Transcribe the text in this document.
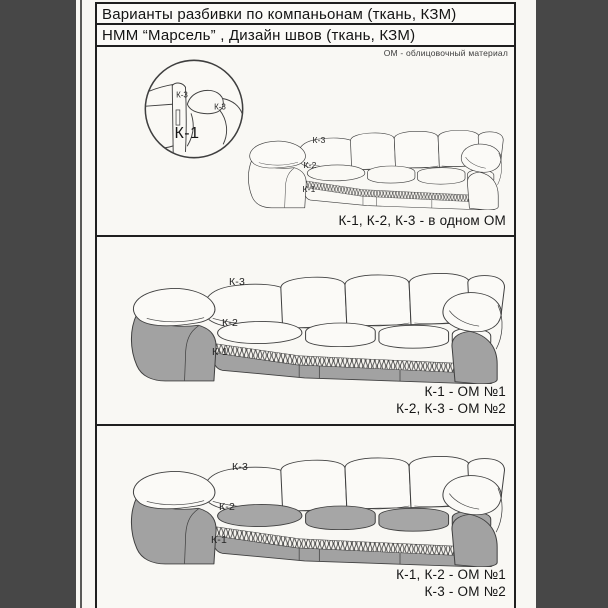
Варианты разбивки по компаньонам (ткань, КЗМ)
НММ “Марсель” , Дизайн швов (ткань, КЗМ)
ОМ - облицовочный материал
К-3
К-3
К-1	К-3
К-2
К-1
К-1, К-2, К-3 - в одном ОМ
К-3
К-2
К-1
К-1 - ОМ №1
К-2, К-3 - ОМ №2
К-3
К-2
К-1
К-1, К-2 - ОМ №1
К-3 - ОМ №2
